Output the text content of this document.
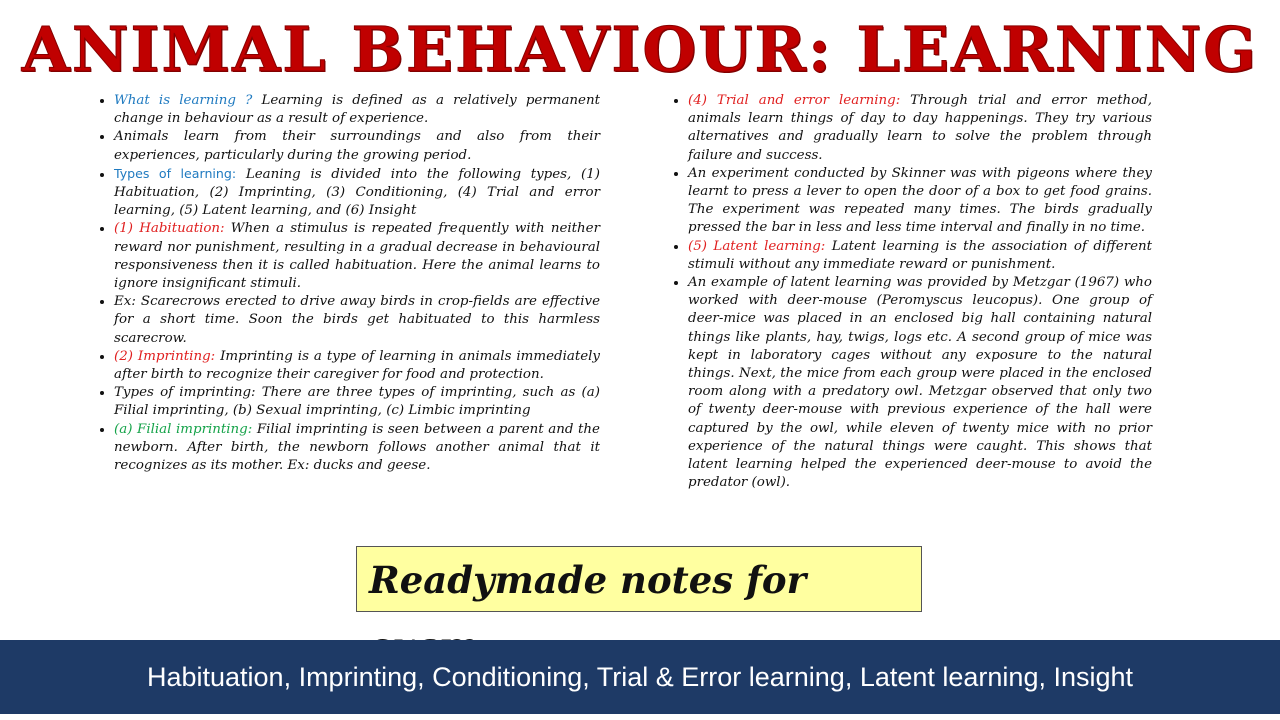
ANIMAL BEHAVIOUR: LEARNING
• What is learning ? Learning is defined as a relatively permanent change in behaviour as a result of experience.
• Animals learn from their surroundings and also from their experiences, particularly during the growing period.
• Types of learning: Leaning is divided into the following types, (1) Habituation, (2) Imprinting, (3) Conditioning, (4) Trial and error learning, (5) Latent learning, and (6) Insight
• (1) Habituation: When a stimulus is repeated frequently with neither reward nor punishment, resulting in a gradual decrease in behavioural responsiveness then it is called habituation. Here the animal learns to ignore insignificant stimuli.
• Ex: Scarecrows erected to drive away birds in crop-fields are effective for a short time. Soon the birds get habituated to this harmless scarecrow.
• (2) Imprinting: Imprinting is a type of learning in animals immediately after birth to recognize their caregiver for food and protection.
• Types of imprinting: There are three types of imprinting, such as (a) Filial imprinting, (b) Sexual imprinting, (c) Limbic imprinting
• (a) Filial imprinting: Filial imprinting is seen between a parent and the newborn. After birth, the newborn follows another animal that it recognizes as its mother. Ex: ducks and geese.
• (4) Trial and error learning: Through trial and error method, animals learn things of day to day happenings. They try various alternatives and gradually learn to solve the problem through failure and success.
• An experiment conducted by Skinner was with pigeons where they learnt to press a lever to open the door of a box to get food grains. The experiment was repeated many times. The birds gradually pressed the bar in less and less time interval and finally in no time.
• (5) Latent learning: Latent learning is the association of different stimuli without any immediate reward or punishment.
• An example of latent learning was provided by Metzgar (1967) who worked with deer-mouse (Peromyscus leucopus). One group of deer-mice was placed in an enclosed big hall containing natural things like plants, hay, twigs, logs etc. A second group of mice was kept in laboratory cages without any exposure to the natural things. Next, the mice from each group were placed in the enclosed room along with a predatory owl. Metzgar observed that only two of twenty deer-mouse with previous experience of the hall were captured by the owl, while eleven of twenty mice with no prior experience of the natural things were caught. This shows that latent learning helped the experienced deer-mouse to avoid the predator (owl).
Readymade notes for
Habituation, Imprinting, Conditioning, Trial & Error learning, Latent learning, Insight
